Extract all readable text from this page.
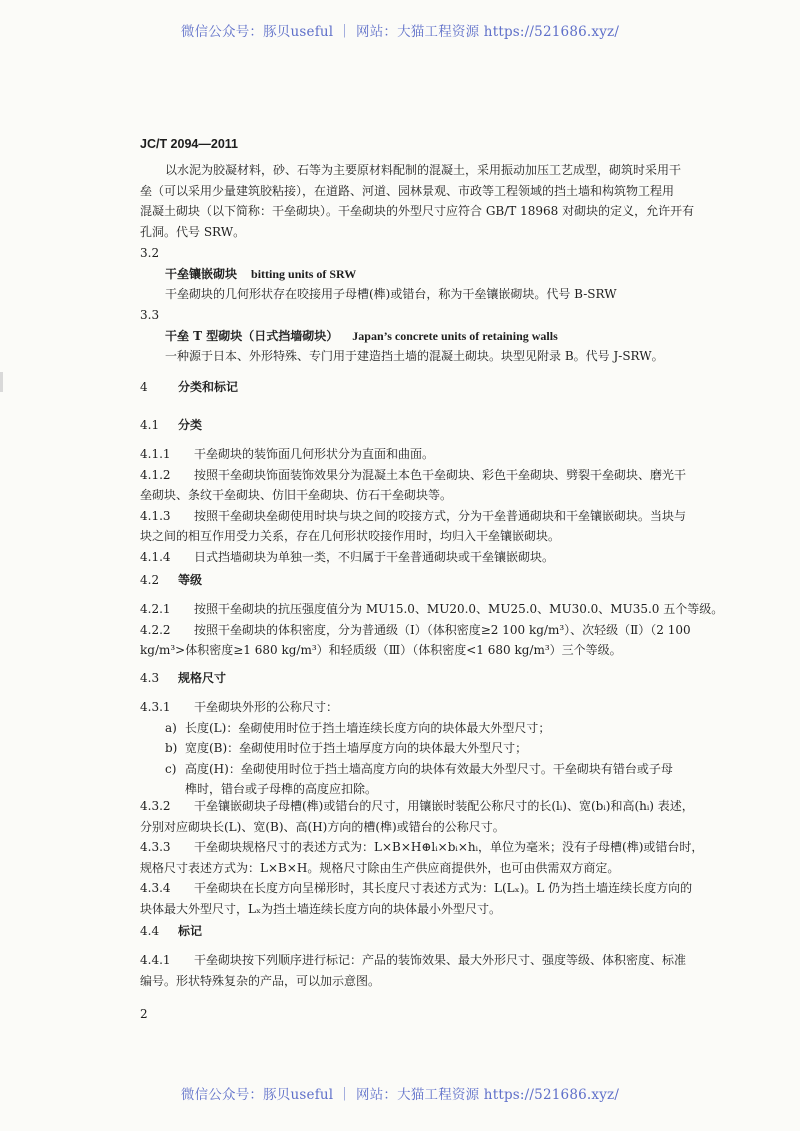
微信公众号：豚贝useful ｜ 网站：大猫工程资源 https://521686.xyz/
JC/T 2094—2011

以水泥为胶凝材料，砂、石等为主要原材料配制的混凝土，采用振动加压工艺成型，砌筑时采用干

垒（可以采用少量建筑胶粘接），在道路、河道、园林景观、市政等工程领域的挡土墙和构筑物工程用

混凝土砌块（以下简称：干垒砌块）。干垒砌块的外型尺寸应符合 GB/T 18968 对砌块的定义，允许开有

孔洞。代号 SRW。

3.2

干垒镶嵌砌块 bitting units of SRW

干垒砌块的几何形状存在咬接用子母槽(榫)或错台，称为干垒镶嵌砌块。代号 B-SRW

3.3

干垒 T 型砌块（日式挡墙砌块） Japan’s concrete units of retaining walls

一种源于日本、外形特殊、专门用于建造挡土墙的混凝土砌块。块型见附录 B。代号 J-SRW。

4	分类和标记

4.1 分类

4.1.1 干垒砌块的装饰面几何形状分为直面和曲面。

4.1.2 按照干垒砌块饰面装饰效果分为混凝土本色干垒砌块、彩色干垒砌块、劈裂干垒砌块、磨光干

垒砌块、条纹干垒砌块、仿旧干垒砌块、仿石干垒砌块等。

4.1.3 按照干垒砌块垒砌使用时块与块之间的咬接方式，分为干垒普通砌块和干垒镶嵌砌块。当块与

块之间的相互作用受力关系，存在几何形状咬接作用时，均归入干垒镶嵌砌块。

4.1.4 日式挡墙砌块为单独一类，不归属于干垒普通砌块或干垒镶嵌砌块。

4.2 等级

4.2.1 按照干垒砌块的抗压强度值分为 MU15.0、MU20.0、MU25.0、MU30.0、MU35.0 五个等级。

4.2.2 按照干垒砌块的体积密度，分为普通级（Ⅰ）（体积密度≥2 100 kg/m³）、次轻级（Ⅱ）（2 100

kg/m³>体积密度≥1 680 kg/m³）和轻质级（Ⅲ）（体积密度<1 680 kg/m³）三个等级。

4.3 规格尺寸

4.3.1 干垒砌块外形的公称尺寸：

a) 长度(L)：垒砌使用时位于挡土墙连续长度方向的块体最大外型尺寸；

b) 宽度(B)：垒砌使用时位于挡土墙厚度方向的块体最大外型尺寸；

c) 高度(H)：垒砌使用时位于挡土墙高度方向的块体有效最大外型尺寸。干垒砌块有错台或子母

榫时，错台或子母榫的高度应扣除。

4.3.2 干垒镶嵌砌块子母槽(榫)或错台的尺寸，用镶嵌时装配公称尺寸的长(lᵢ)、宽(bᵢ)和高(hᵢ) 表述，

分别对应砌块长(L)、宽(B)、高(H)方向的槽(榫)或错台的公称尺寸。

4.3.3 干垒砌块规格尺寸的表述方式为：L×B×H⊕lᵢ×bᵢ×hᵢ，单位为毫米；没有子母槽(榫)或错台时，

规格尺寸表述方式为：L×B×H。规格尺寸除由生产供应商提供外，也可由供需双方商定。

4.3.4 干垒砌块在长度方向呈梯形时，其长度尺寸表述方式为：L(Lₓ)。L 仍为挡土墙连续长度方向的

块体最大外型尺寸，Lₓ为挡土墙连续长度方向的块体最小外型尺寸。

4.4 标记

4.4.1 干垒砌块按下列顺序进行标记：产品的装饰效果、最大外形尺寸、强度等级、体积密度、标准

编号。形状特殊复杂的产品，可以加示意图。

2
微信公众号：豚贝useful ｜ 网站：大猫工程资源 https://521686.xyz/
